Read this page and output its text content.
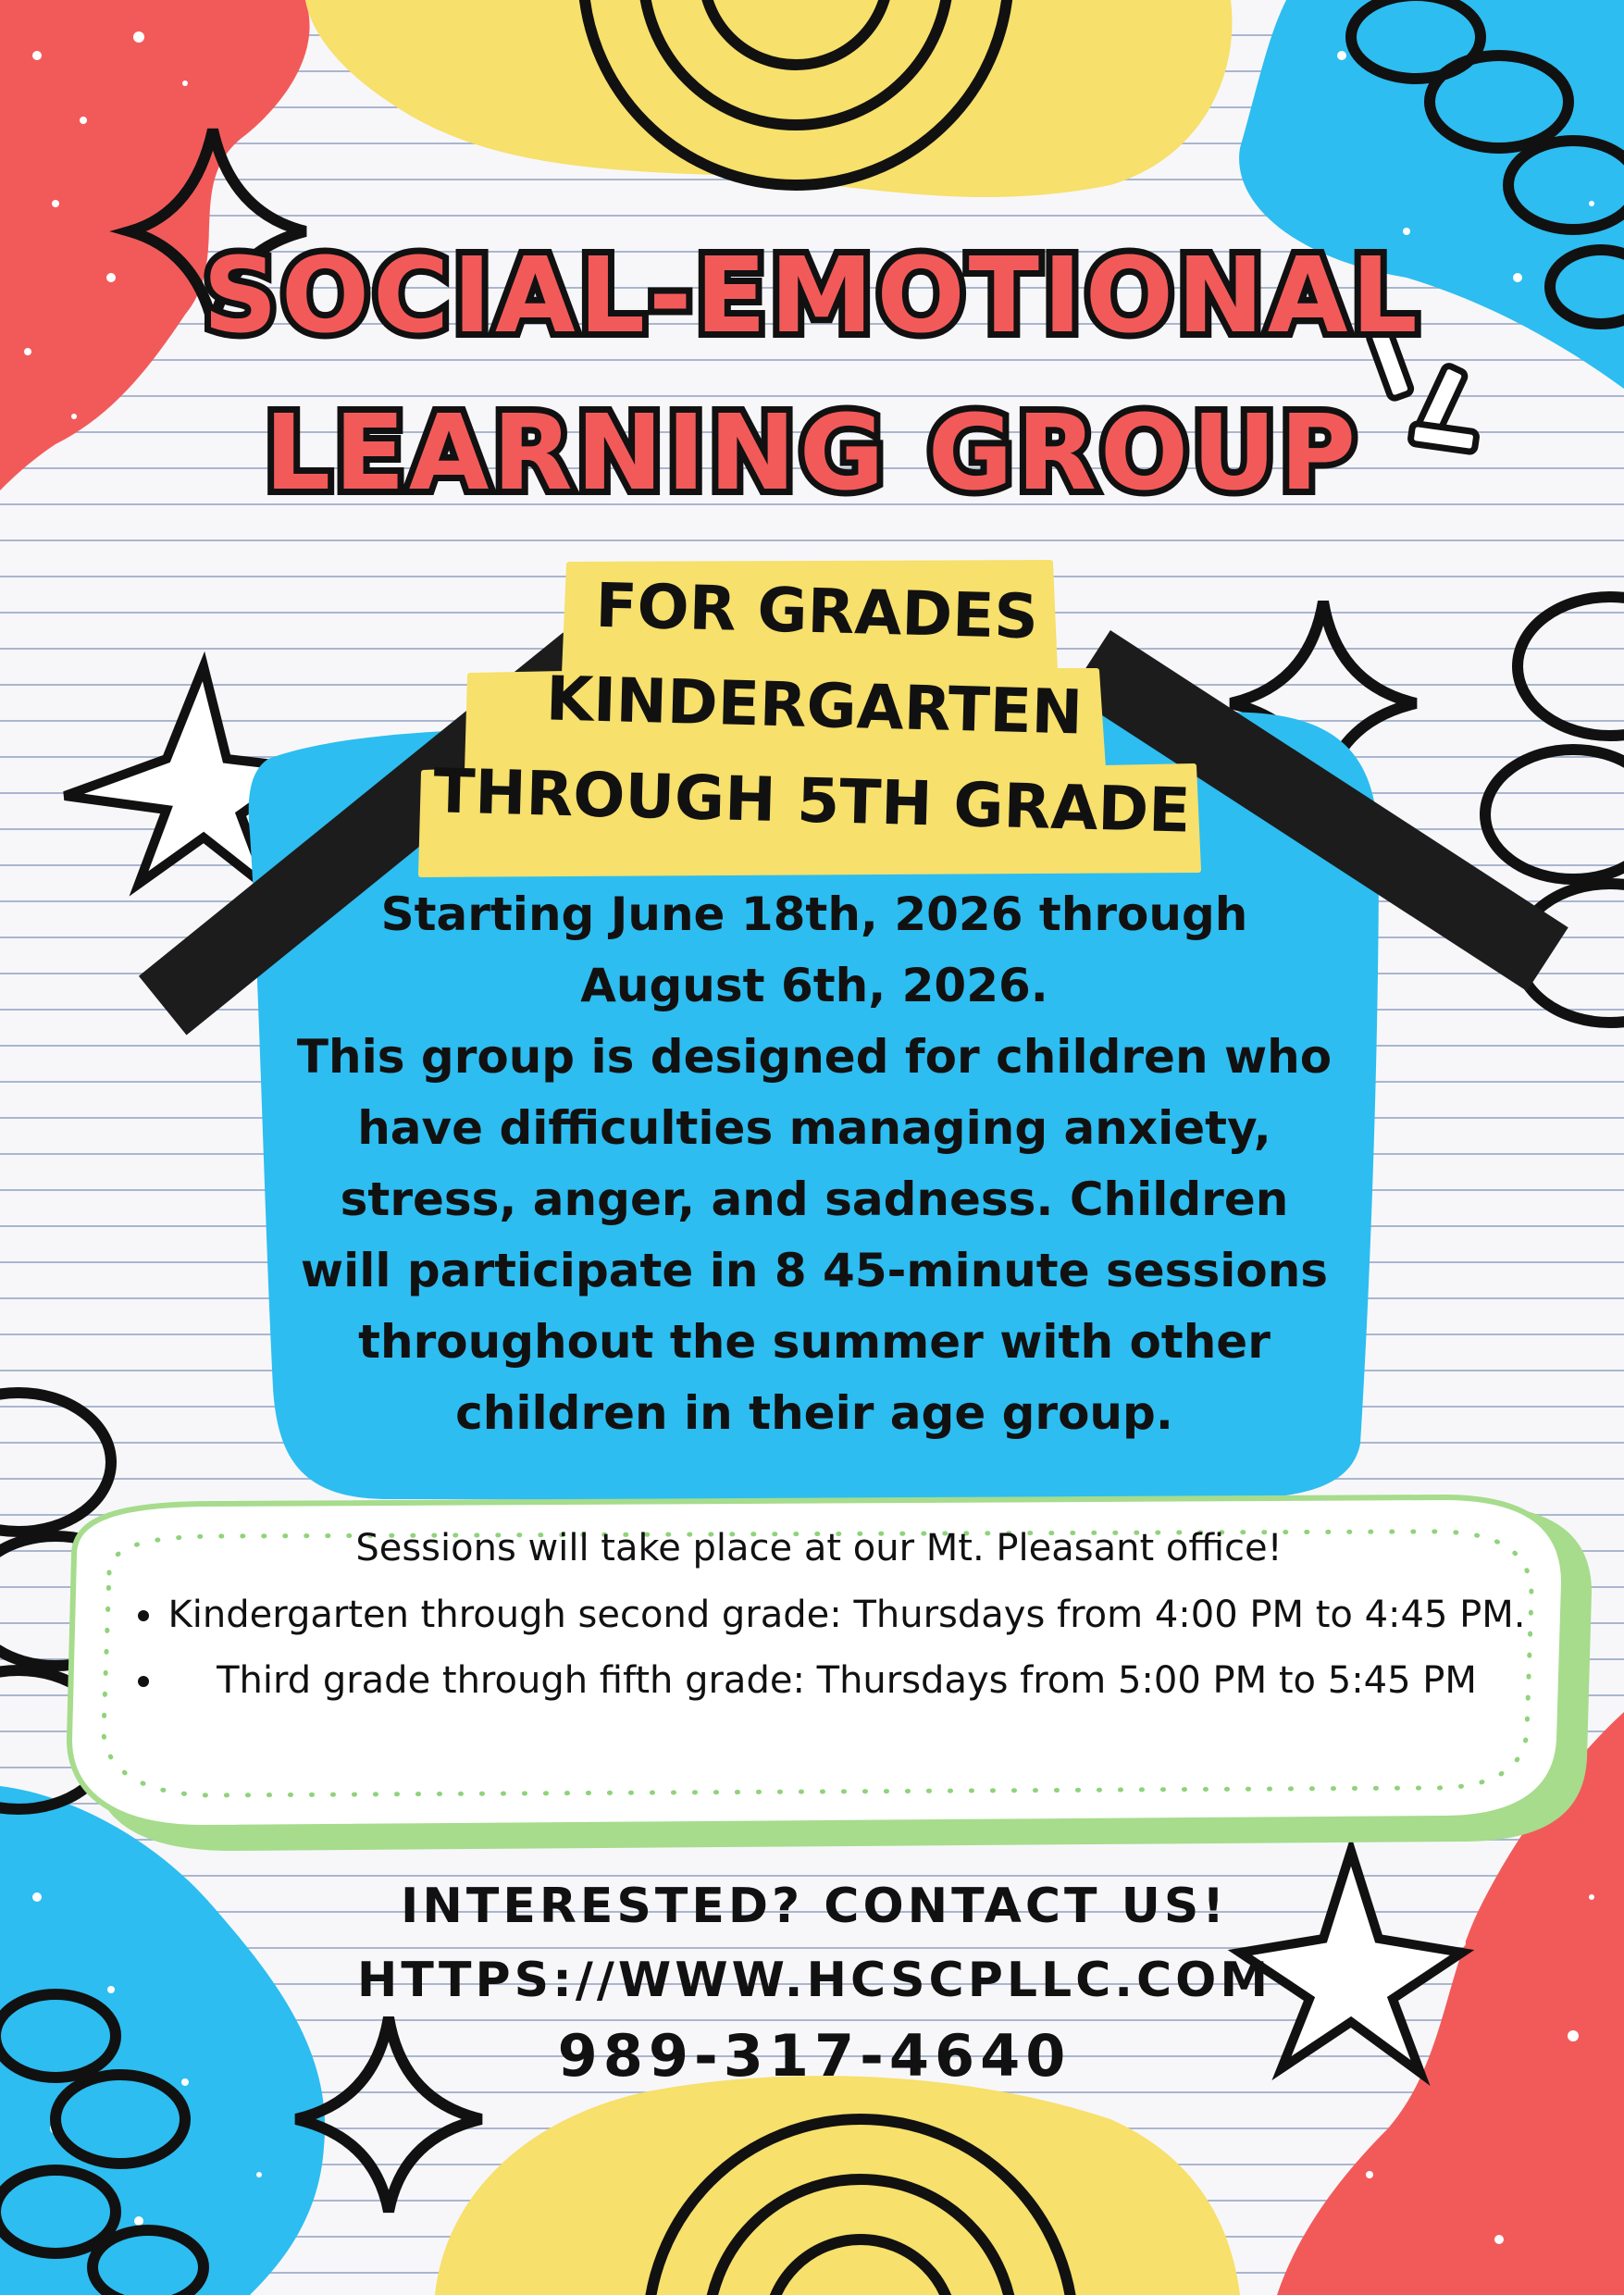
SOCIAL-EMOTIONAL
LEARNING GROUP
FOR GRADES
KINDERGARTEN
THROUGH 5TH GRADE
Starting June 18th, 2026 through
August 6th, 2026.
This group is designed for children who
have difficulties managing anxiety,
stress, anger, and sadness. Children
will participate in 8 45-minute sessions
throughout the summer with other
children in their age group.

Sessions will take place at our Mt. Pleasant office!

• Kindergarten through second grade: Thursdays from 4:00 PM to 4:45 PM.
• Third grade through fifth grade: Thursdays from 5:00 PM to 5:45 PM

INTERESTED? CONTACT US!

HTTPS://WWW.HCSCPLLC.COM

989-317-4640
